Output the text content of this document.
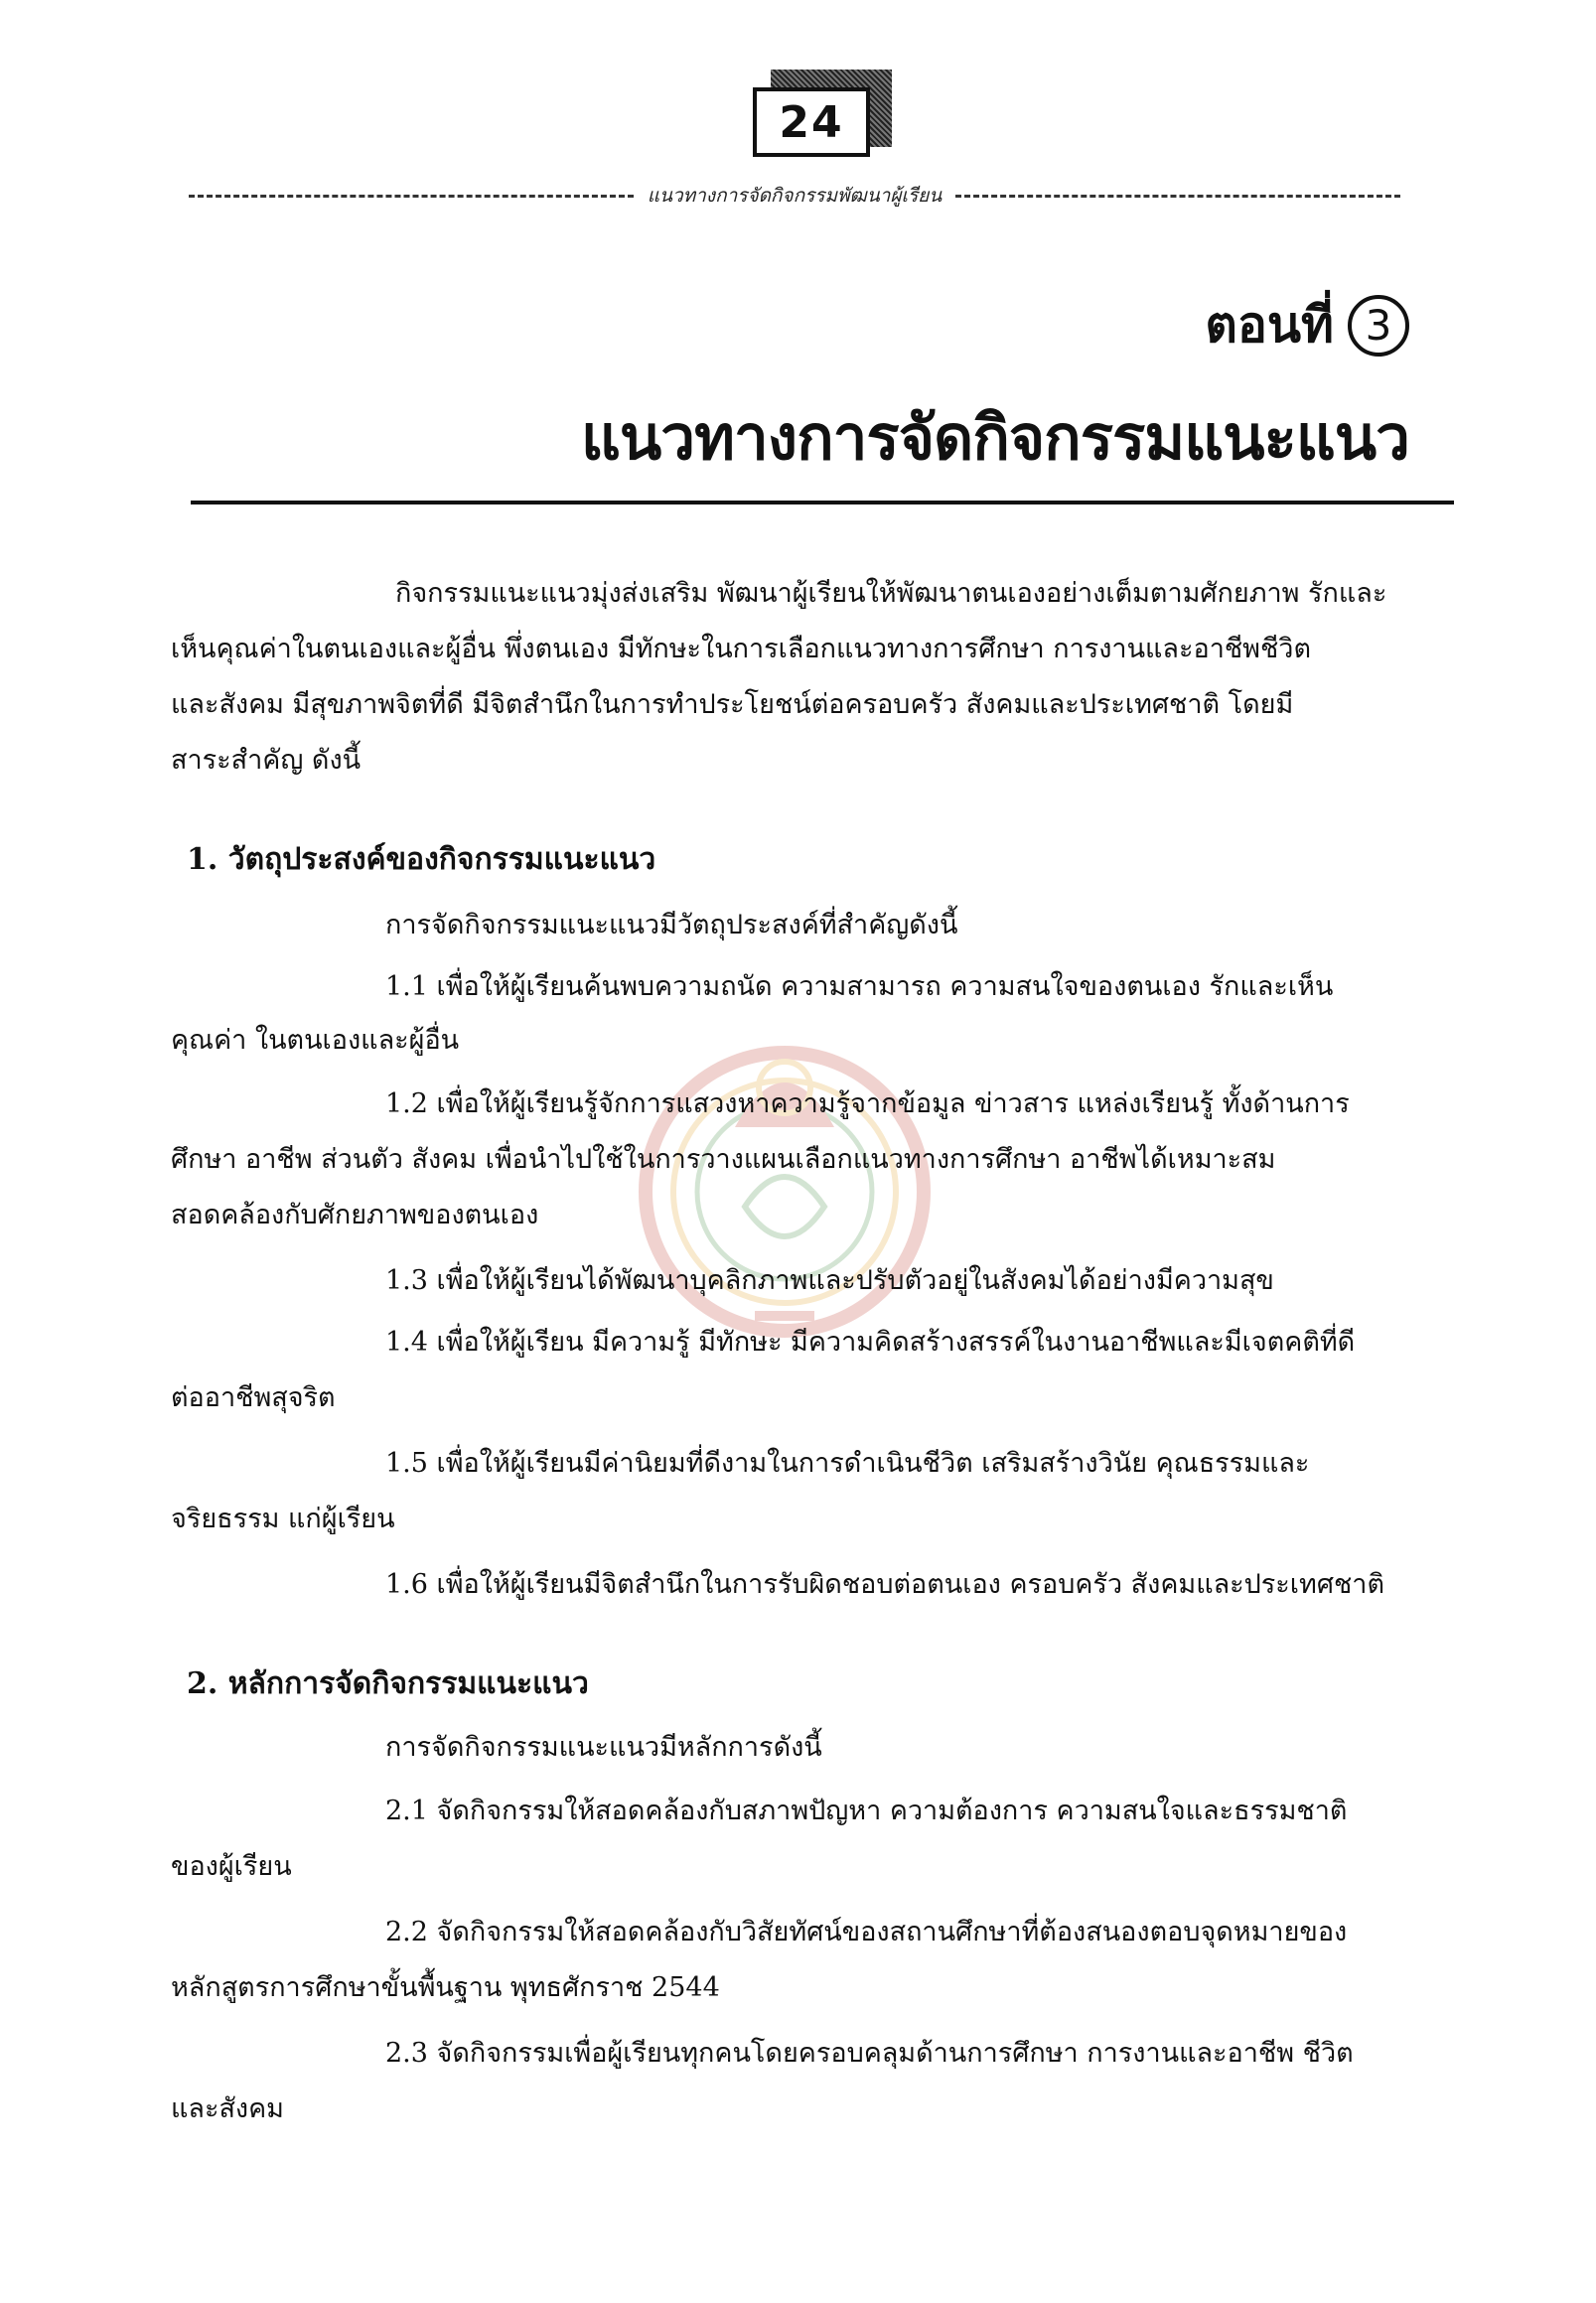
24
แนวทางการจัดกิจกรรมพัฒนาผู้เรียน
ตอนที่ 3
แนวทางการจัดกิจกรรมแนะแนว
กิจกรรมแนะแนวมุ่งส่งเสริม พัฒนาผู้เรียนให้พัฒนาตนเองอย่างเต็มตามศักยภาพ รักและ
เห็นคุณค่าในตนเองและผู้อื่น พึ่งตนเอง มีทักษะในการเลือกแนวทางการศึกษา การงานและอาชีพชีวิต
และสังคม มีสุขภาพจิตที่ดี มีจิตสำนึกในการทำประโยชน์ต่อครอบครัว สังคมและประเทศชาติ โดยมี
สาระสำคัญ ดังนี้
1. วัตถุประสงค์ของกิจกรรมแนะแนว
การจัดกิจกรรมแนะแนวมีวัตถุประสงค์ที่สำคัญดังนี้
1.1 เพื่อให้ผู้เรียนค้นพบความถนัด ความสามารถ ความสนใจของตนเอง รักและเห็น
คุณค่า ในตนเองและผู้อื่น
1.2 เพื่อให้ผู้เรียนรู้จักการแสวงหาความรู้จากข้อมูล ข่าวสาร แหล่งเรียนรู้ ทั้งด้านการ
ศึกษา อาชีพ ส่วนตัว สังคม เพื่อนำไปใช้ในการวางแผนเลือกแนวทางการศึกษา อาชีพได้เหมาะสม
สอดคล้องกับศักยภาพของตนเอง
1.3 เพื่อให้ผู้เรียนได้พัฒนาบุคลิกภาพและปรับตัวอยู่ในสังคมได้อย่างมีความสุข
1.4 เพื่อให้ผู้เรียน มีความรู้ มีทักษะ มีความคิดสร้างสรรค์ในงานอาชีพและมีเจตคติที่ดี
ต่ออาชีพสุจริต
1.5 เพื่อให้ผู้เรียนมีค่านิยมที่ดีงามในการดำเนินชีวิต เสริมสร้างวินัย คุณธรรมและ
จริยธรรม แก่ผู้เรียน
1.6 เพื่อให้ผู้เรียนมีจิตสำนึกในการรับผิดชอบต่อตนเอง ครอบครัว สังคมและประเทศชาติ
2. หลักการจัดกิจกรรมแนะแนว
การจัดกิจกรรมแนะแนวมีหลักการดังนี้
2.1 จัดกิจกรรมให้สอดคล้องกับสภาพปัญหา ความต้องการ ความสนใจและธรรมชาติ
ของผู้เรียน
2.2 จัดกิจกรรมให้สอดคล้องกับวิสัยทัศน์ของสถานศึกษาที่ต้องสนองตอบจุดหมายของ
หลักสูตรการศึกษาขั้นพื้นฐาน พุทธศักราช 2544
2.3 จัดกิจกรรมเพื่อผู้เรียนทุกคนโดยครอบคลุมด้านการศึกษา การงานและอาชีพ ชีวิต
และสังคม
